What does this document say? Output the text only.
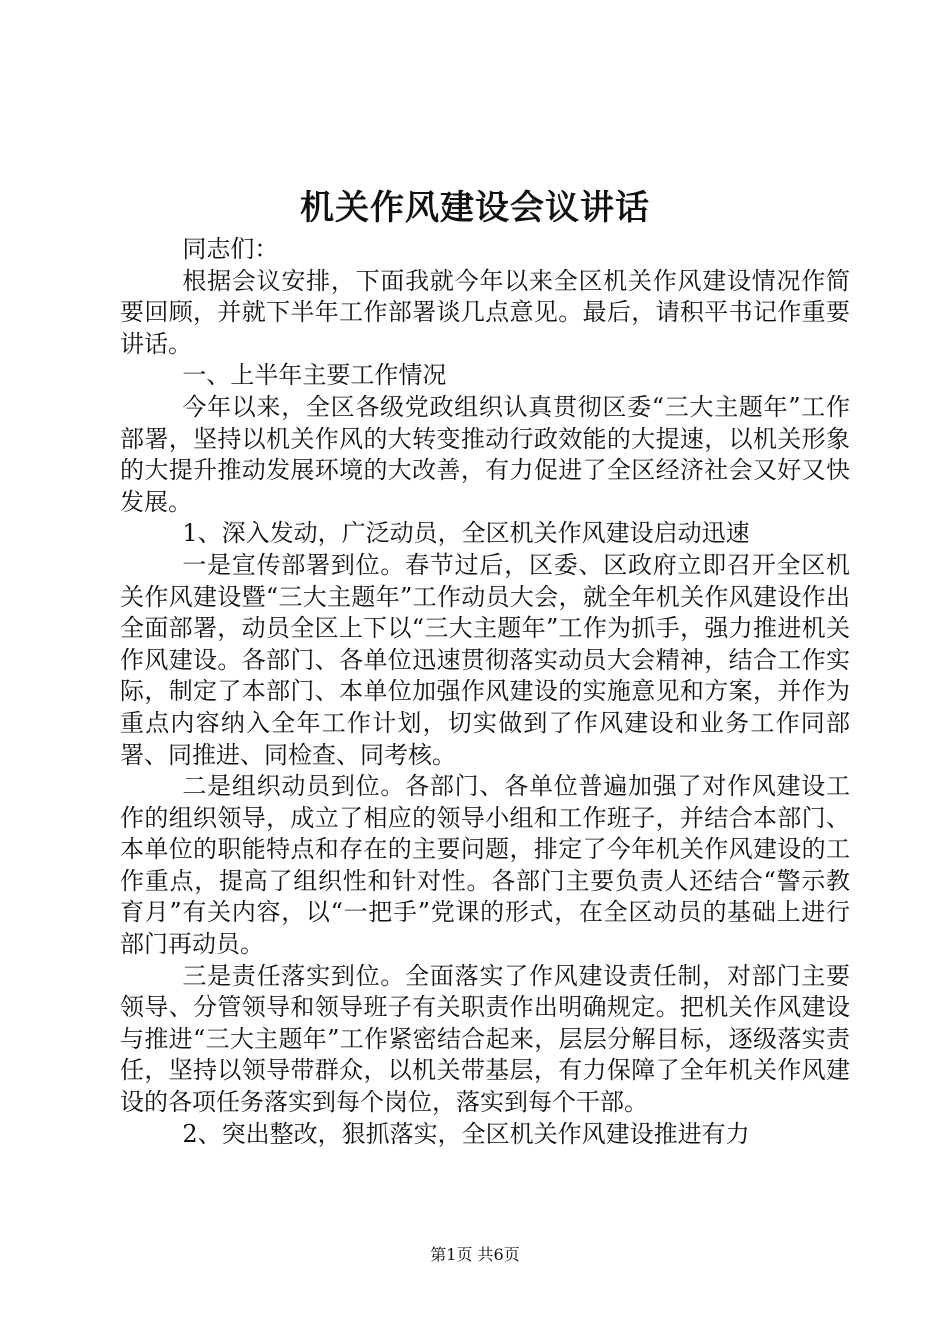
机关作风建设会议讲话

同志们：

根据会议安排，下面我就今年以来全区机关作风建设情况作简要回顾，并就下半年工作部署谈几点意见。最后，请积平书记作重要讲话。

一、上半年主要工作情况

今年以来，全区各级党政组织认真贯彻区委“三大主题年”工作部署，坚持以机关作风的大转变推动行政效能的大提速，以机关形象的大提升推动发展环境的大改善，有力促进了全区经济社会又好又快发展。

1、深入发动，广泛动员，全区机关作风建设启动迅速

一是宣传部署到位。春节过后，区委、区政府立即召开全区机关作风建设暨“三大主题年”工作动员大会，就全年机关作风建设作出全面部署，动员全区上下以“三大主题年”工作为抓手，强力推进机关作风建设。各部门、各单位迅速贯彻落实动员大会精神，结合工作实际，制定了本部门、本单位加强作风建设的实施意见和方案，并作为重点内容纳入全年工作计划，切实做到了作风建设和业务工作同部署、同推进、同检查、同考核。

二是组织动员到位。各部门、各单位普遍加强了对作风建设工作的组织领导，成立了相应的领导小组和工作班子，并结合本部门、本单位的职能特点和存在的主要问题，排定了今年机关作风建设的工作重点，提高了组织性和针对性。各部门主要负责人还结合“警示教育月”有关内容，以“一把手”党课的形式，在全区动员的基础上进行部门再动员。

三是责任落实到位。全面落实了作风建设责任制，对部门主要领导、分管领导和领导班子有关职责作出明确规定。把机关作风建设与推进“三大主题年”工作紧密结合起来，层层分解目标，逐级落实责任，坚持以领导带群众，以机关带基层，有力保障了全年机关作风建设的各项任务落实到每个岗位，落实到每个干部。

2、突出整改，狠抓落实，全区机关作风建设推进有力

第1页 共6页
